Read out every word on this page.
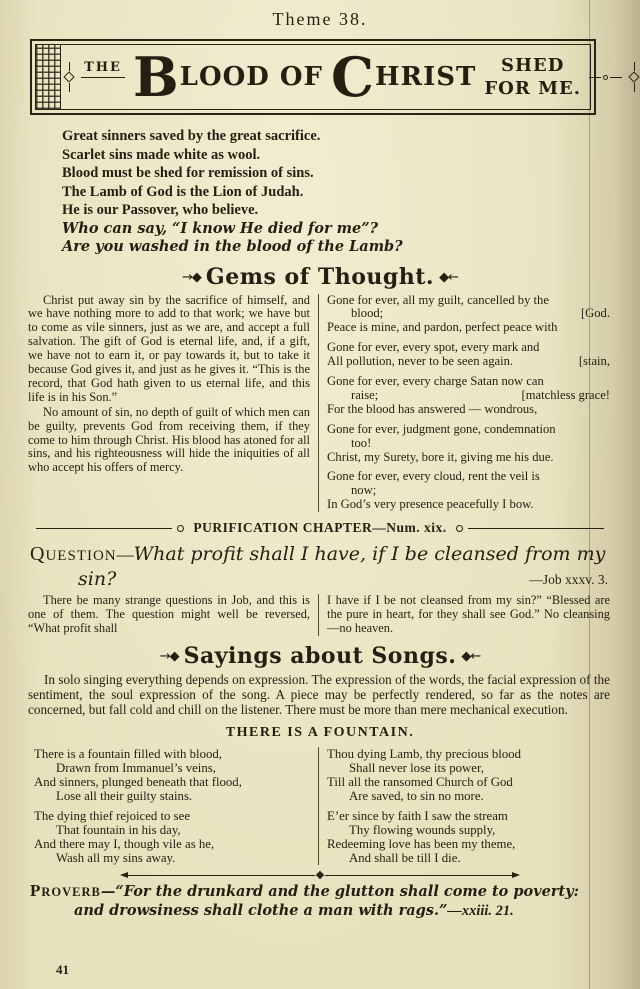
Theme 38.
THE BLOOD OF CHRIST	SHED
FOR ME.
Great sinners saved by the great sacrifice.
Scarlet sins made white as wool.
Blood must be shed for remission of sins.
The Lamb of God is the Lion of Judah.
He is our Passover, who believe.
Who can say, “I know He died for me”?
Are you washed in the blood of the Lamb?
→◆ Gems of Thought. ◆←

Christ put away sin by the sacrifice of himself, and we have nothing more to add to that work; we have but to come as vile sinners, just as we are, and accept a full salvation. The gift of God is eternal life, and, if a gift, we have not to earn it, or pay towards it, but to take it because God gives it, and just as he gives it. “This is the record, that God hath given to us eternal life, and this life is in his Son.”

No amount of sin, no depth of guilt of which men can be guilty, prevents God from receiving them, if they come to him through Christ. His blood has atoned for all sins, and his righteousness will hide the iniquities of all who accept his offers of mercy.

Gone for ever, all my guilt, cancelled by the
blood;	[God.
Peace is mine, and pardon, perfect peace with
Gone for ever, every spot, every mark and
All pollution, never to be seen again.	[stain,
Gone for ever, every charge Satan now can
raise;	[matchless grace!
For the blood has answered — wondrous,
Gone for ever, judgment gone, condemnation
too!
Christ, my Surety, bore it, giving me his due.
Gone for ever, every cloud, rent the veil is
now;
In God’s very presence peacefully I bow.
PURIFICATION CHAPTER—Num. xix.
QUESTION—What profit shall I have, if I be cleansed from my sin?	—Job xxxv. 3.

There be many strange questions in Job, and this is one of them. The question might well be reversed, “What profit shall

I have if I be not cleansed from my sin?” “Blessed are the pure in heart, for they shall see God.” No cleansing—no heaven.

→◆ Sayings about Songs. ◆←

In solo singing everything depends on expression. The expression of the words, the facial expression of the sentiment, the soul expression of the song. A piece may be perfectly rendered, so far as the notes are concerned, but fall cold and chill on the listener. There must be more than mere mechanical execution.

THERE IS A FOUNTAIN.
There is a fountain filled with blood,
Drawn from Immanuel’s veins,
And sinners, plunged beneath that flood,
Lose all their guilty stains.
The dying thief rejoiced to see
That fountain in his day,
And there may I, though vile as he,
Wash all my sins away.
Thou dying Lamb, thy precious blood
Shall never lose its power,
Till all the ransomed Church of God
Are saved, to sin no more.
E’er since by faith I saw the stream
Thy flowing wounds supply,
Redeeming love has been my theme,
And shall be till I die.
PROVERB—“For the drunkard and the glutton shall come to poverty: and drowsiness shall clothe a man with rags.”—xxiii. 21.
41
